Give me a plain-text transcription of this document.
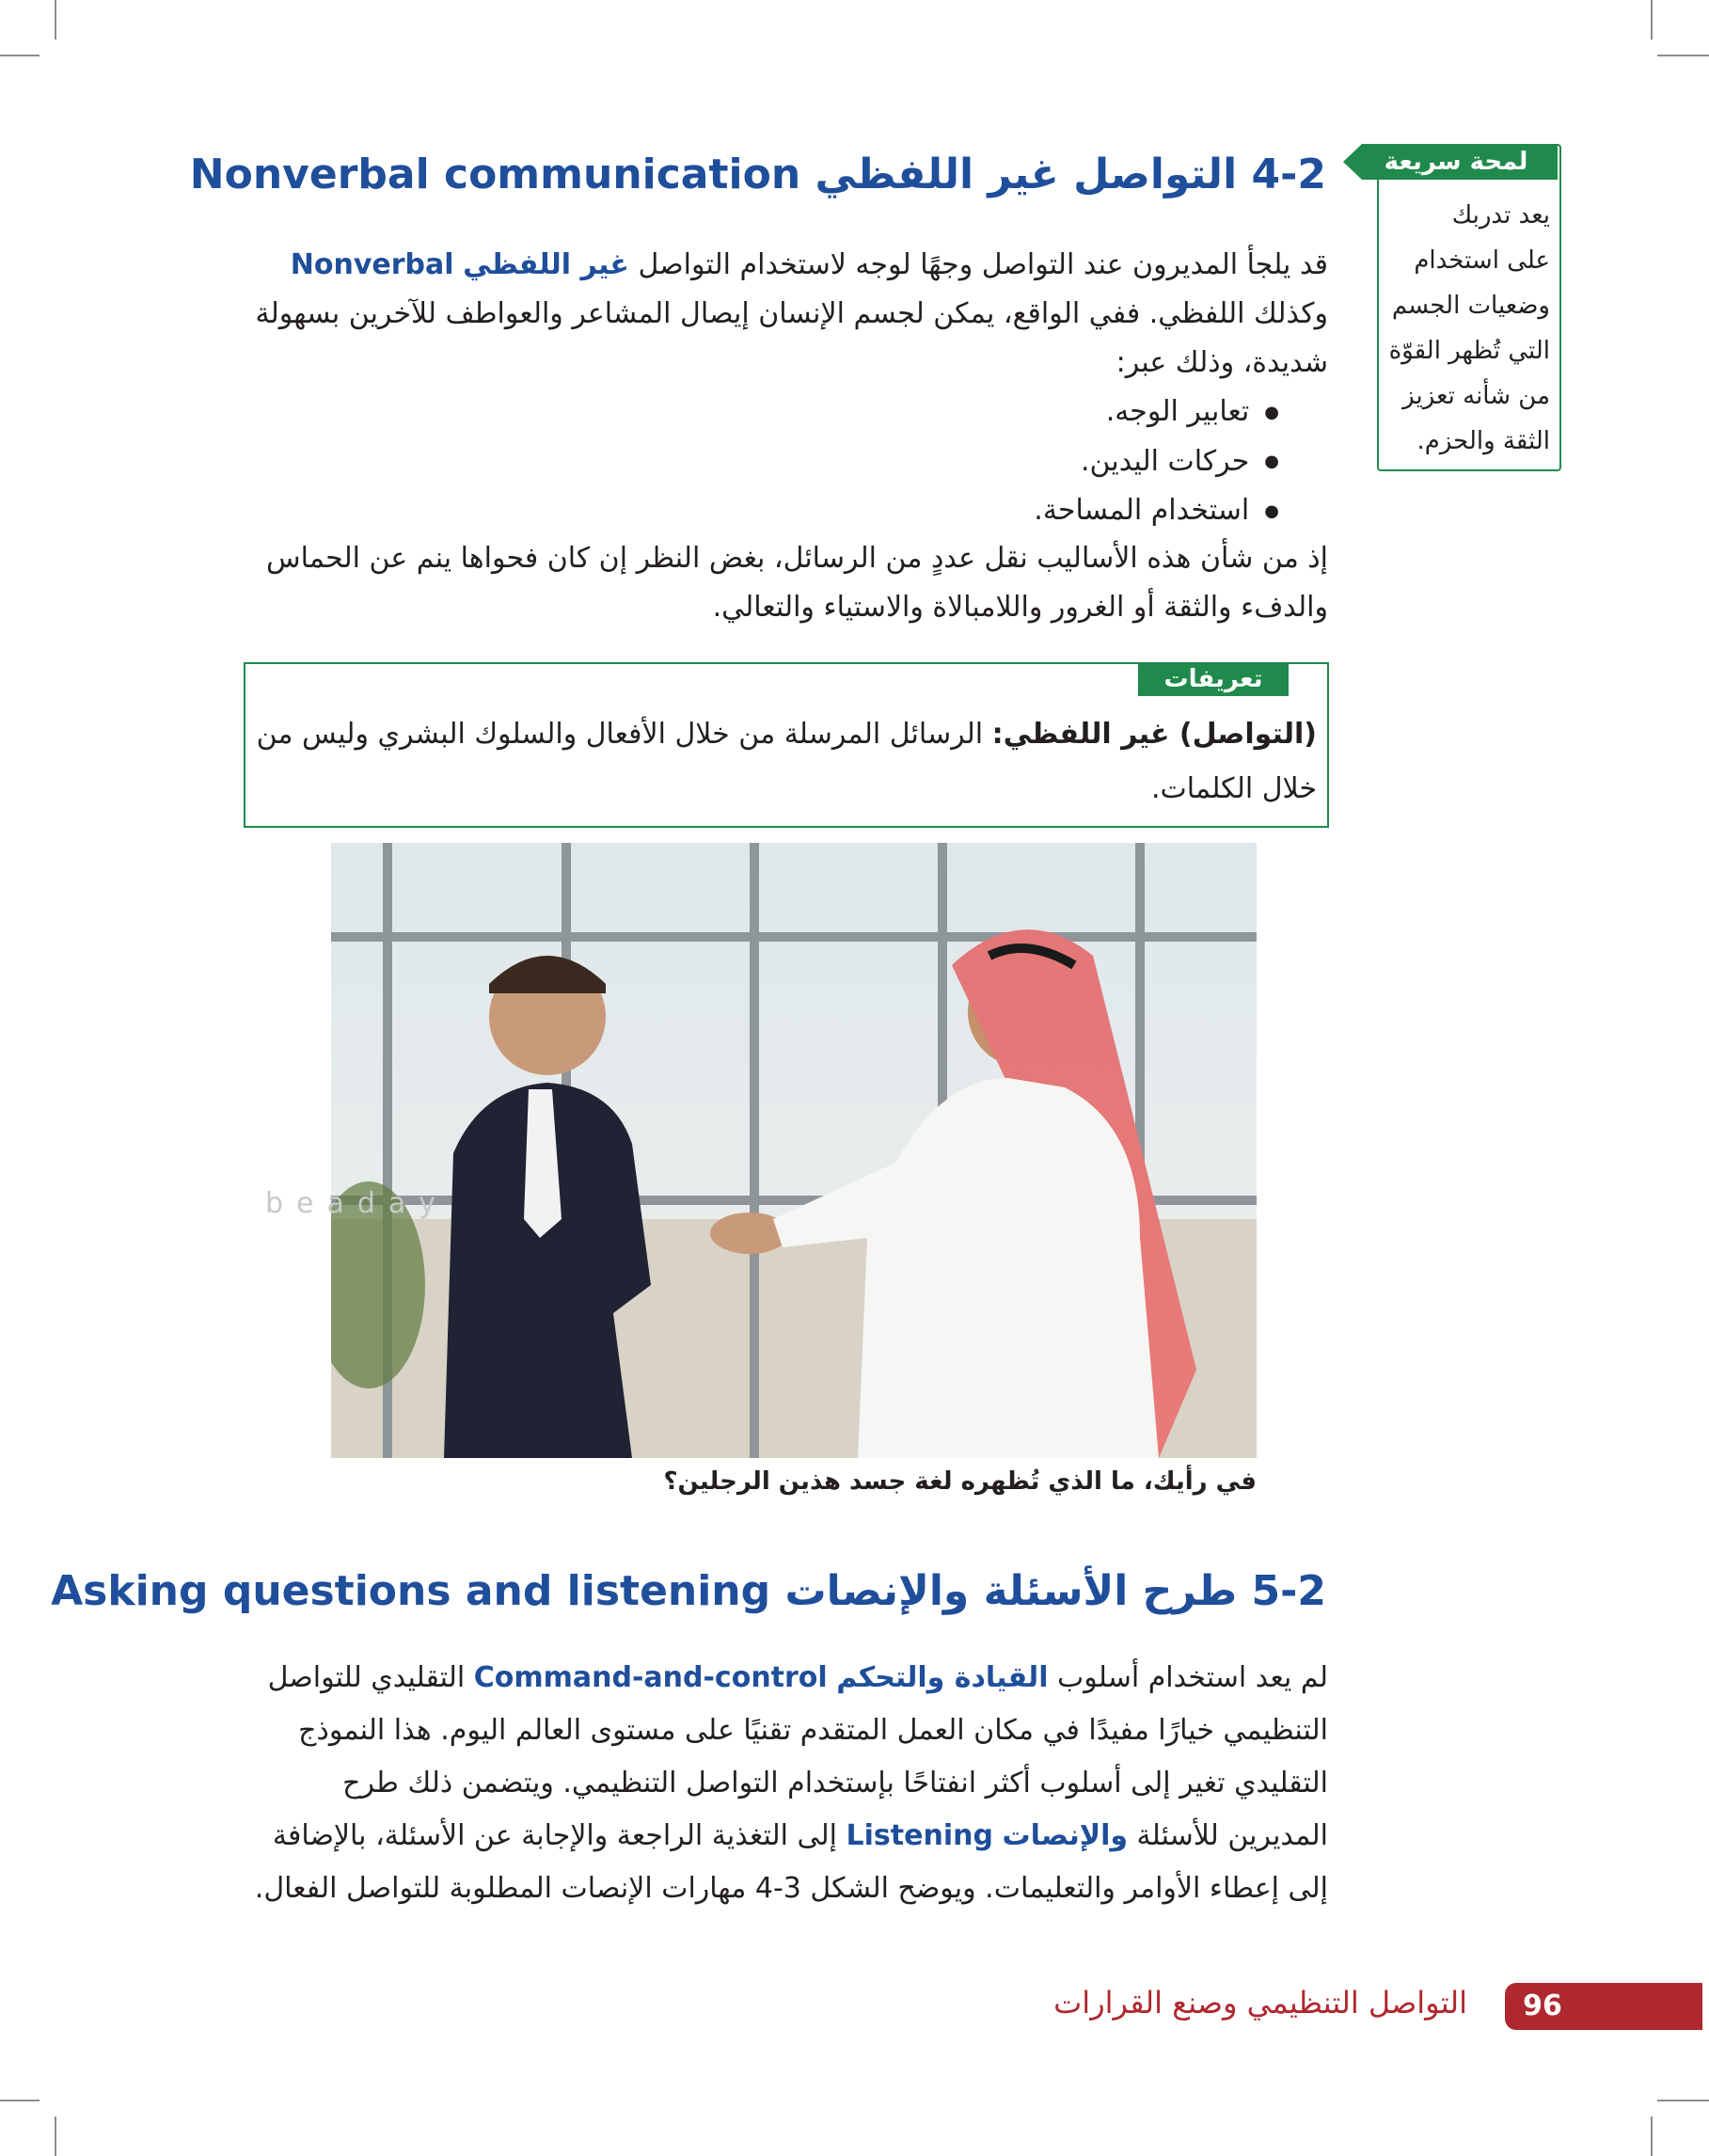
4-2 التواصل غير اللفظي Nonverbal communication
قد يلجأ المديرون عند التواصل وجهًا لوجه لاستخدام التواصل غير اللفظي Nonverbal وكذلك اللفظي. ففي الواقع، يمكن لجسم الإنسان إيصال المشاعر والعواطف للآخرين بسهولة شديدة، وذلك عبر:
● تعابير الوجه.
● حركات اليدين.
● استخدام المساحة.
إذ من شأن هذه الأساليب نقل عددٍ من الرسائل، بغض النظر إن كان فحواها ينم عن الحماس والدفء والثقة أو الغرور واللامبالاة والاستياء والتعالي.
لمحة سريعة
يعد تدربك
على استخدام
وضعيات الجسم
التي تُظهر القوّة
من شأنه تعزيز
الثقة والحزم.
تعريفات
(التواصل) غير اللفظي: الرسائل المرسلة من خلال الأفعال والسلوك البشري وليس من خلال الكلمات.
beaday
في رأيك، ما الذي تُظهره لغة جسد هذين الرجلين؟
5-2 طرح الأسئلة والإنصات Asking questions and listening
لم يعد استخدام أسلوب القيادة والتحكم Command-and-control التقليدي للتواصل التنظيمي خيارًا مفيدًا في مكان العمل المتقدم تقنيًا على مستوى العالم اليوم. هذا النموذج التقليدي تغير إلى أسلوب أكثر انفتاحًا بإستخدام التواصل التنظيمي. ويتضمن ذلك طرح المديرين للأسئلة والإنصات Listening إلى التغذية الراجعة والإجابة عن الأسئلة، بالإضافة إلى إعطاء الأوامر والتعليمات. ويوضح الشكل 3-4 مهارات الإنصات المطلوبة للتواصل الفعال.
96
التواصل التنظيمي وصنع القرارات
